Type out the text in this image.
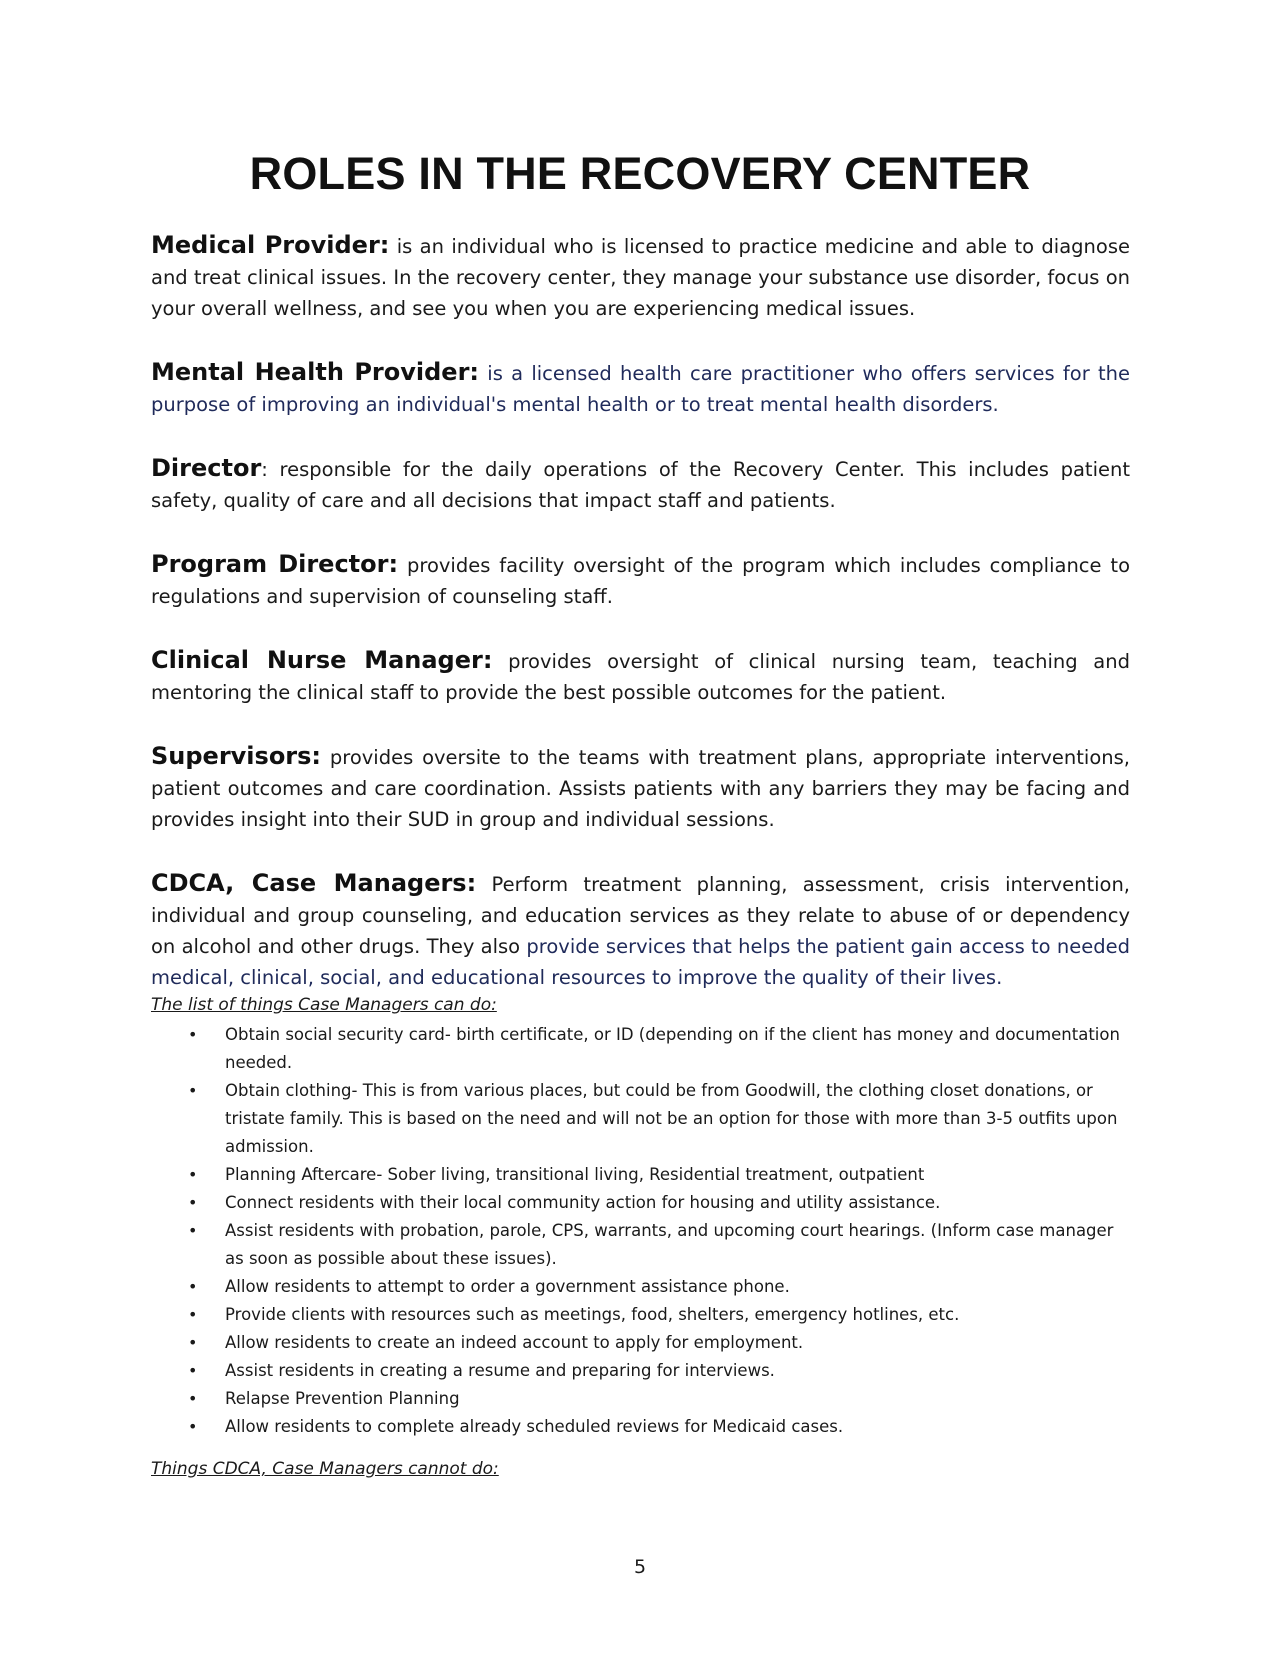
ROLES IN THE RECOVERY CENTER

Medical Provider: is an individual who is licensed to practice medicine and able to diagnose and treat clinical issues. In the recovery center, they manage your substance use disorder, focus on your overall wellness, and see you when you are experiencing medical issues.

Mental Health Provider: is a licensed health care practitioner who offers services for the purpose of improving an individual's mental health or to treat mental health disorders.

Director: responsible for the daily operations of the Recovery Center. This includes patient safety, quality of care and all decisions that impact staff and patients.

Program Director: provides facility oversight of the program which includes compliance to regulations and supervision of counseling staff.

Clinical Nurse Manager: provides oversight of clinical nursing team, teaching and mentoring the clinical staff to provide the best possible outcomes for the patient.

Supervisors: provides oversite to the teams with treatment plans, appropriate interventions, patient outcomes and care coordination. Assists patients with any barriers they may be facing and provides insight into their SUD in group and individual sessions.

CDCA, Case Managers: Perform treatment planning, assessment, crisis intervention, individual and group counseling, and education services as they relate to abuse of or dependency on alcohol and other drugs. They also provide services that helps the patient gain access to needed medical, clinical, social, and educational resources to improve the quality of their lives.

The list of things Case Managers can do:
• Obtain social security card- birth certificate, or ID (depending on if the client has money and documentation needed.
• Obtain clothing- This is from various places, but could be from Goodwill, the clothing closet donations, or tristate family. This is based on the need and will not be an option for those with more than 3-5 outfits upon admission.
• Planning Aftercare- Sober living, transitional living, Residential treatment, outpatient
• Connect residents with their local community action for housing and utility assistance.
• Assist residents with probation, parole, CPS, warrants, and upcoming court hearings. (Inform case manager as soon as possible about these issues).
• Allow residents to attempt to order a government assistance phone.
• Provide clients with resources such as meetings, food, shelters, emergency hotlines, etc.
• Allow residents to create an indeed account to apply for employment.
• Assist residents in creating a resume and preparing for interviews.
• Relapse Prevention Planning
• Allow residents to complete already scheduled reviews for Medicaid cases.
Things CDCA, Case Managers cannot do:
5
